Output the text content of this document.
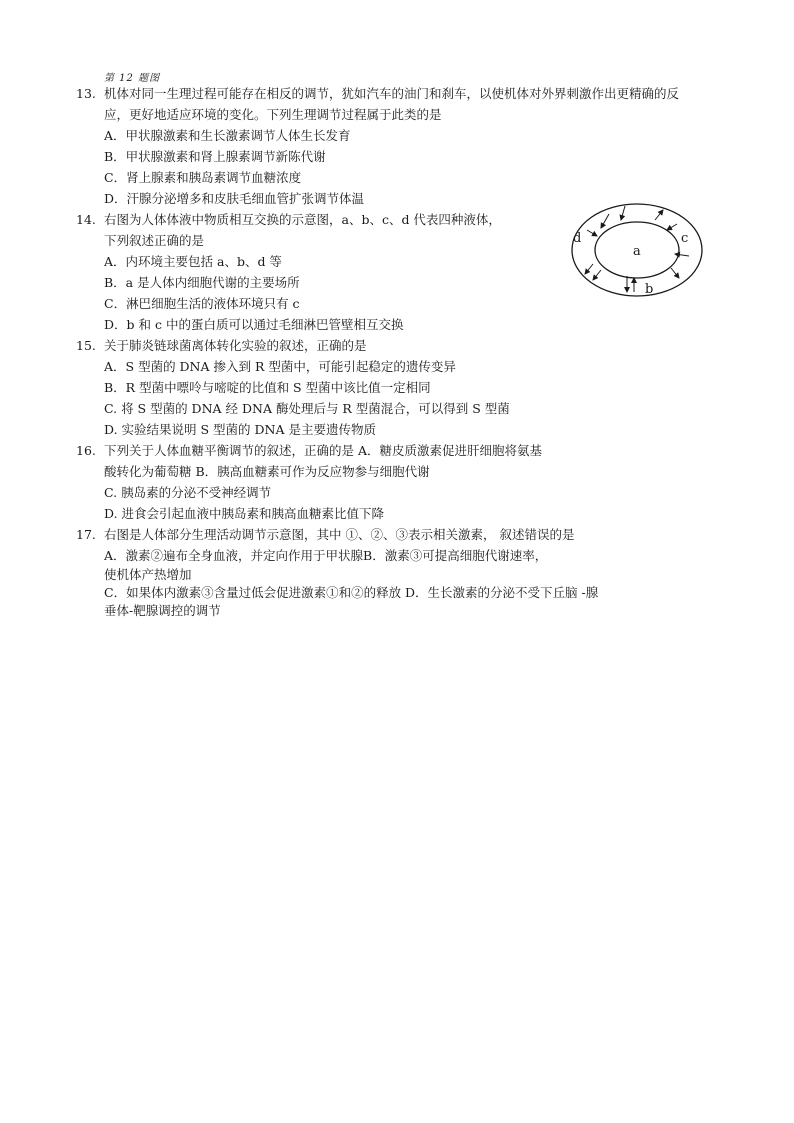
第 12 题图
13. 机体对同一生理过程可能存在相反的调节，犹如汽车的油门和刹车，以使机体对外界刺激作出更精确的反
应，更好地适应环境的变化。下列生理调节过程属于此类的是
A．甲状腺激素和生长激素调节人体生长发育
B．甲状腺激素和肾上腺素调节新陈代谢
C．肾上腺素和胰岛素调节血糖浓度
D．汗腺分泌增多和皮肤毛细血管扩张调节体温
14. 右图为人体体液中物质相互交换的示意图，a、b、c、d 代表四种液体，
下列叙述正确的是
A．内环境主要包括 a、b、d 等
B．a 是人体内细胞代谢的主要场所
C．淋巴细胞生活的液体环境只有 c
D．b 和 c 中的蛋白质可以通过毛细淋巴管壁相互交换
15. 关于肺炎链球菌离体转化实验的叙述，正确的是
A．S 型菌的 DNA 掺入到 R 型菌中，可能引起稳定的遗传变异
B．R 型菌中嘌呤与嘧啶的比值和 S 型菌中该比值一定相同
C. 将 S 型菌的 DNA 经 DNA 酶处理后与 R 型菌混合，可以得到 S 型菌
D. 实验结果说明 S 型菌的 DNA 是主要遗传物质
16. 下列关于人体血糖平衡调节的叙述，正确的是 A．糖皮质激素促进肝细胞将氨基
酸转化为葡萄糖 B．胰高血糖素可作为反应物参与细胞代谢
C. 胰岛素的分泌不受神经调节
D. 进食会引起血液中胰岛素和胰高血糖素比值下降
17. 右图是人体部分生理活动调节示意图，其中 ①、②、③表示相关激素， 叙述错误的是
A．激素②遍布全身血液，并定向作用于甲状腺B．激素③可提高细胞代谢速率，
使机体产热增加
C．如果体内激素③含量过低会促进激素①和②的释放 D．生长激素的分泌不受下丘脑 -腺
垂体-靶腺调控的调节
a
b
c
d
